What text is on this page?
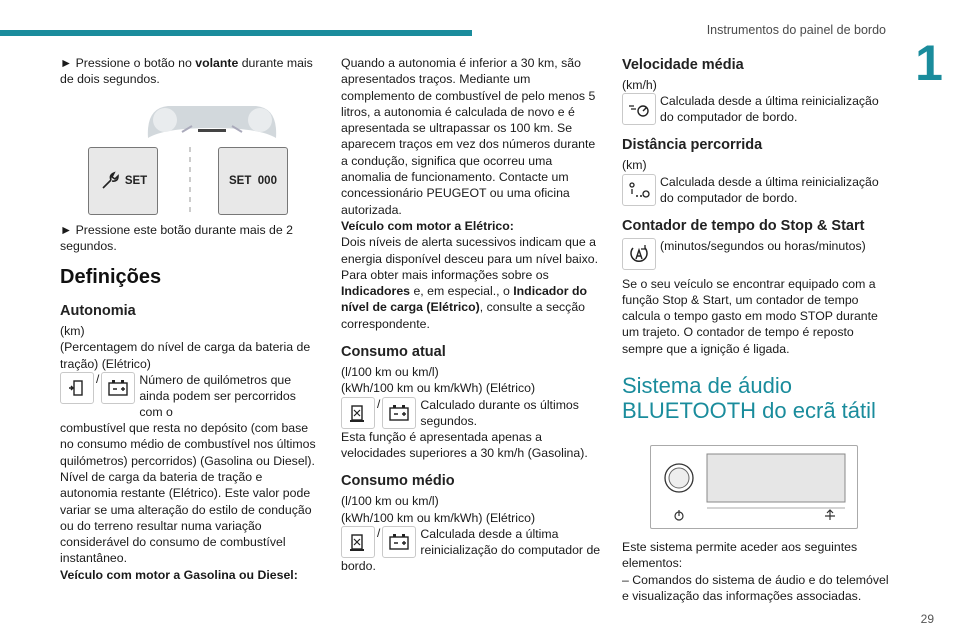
Instrumentos do painel de bordo
1
29

► Pressione o botão no volante durante mais de dois segundos.

SET	SET  000

► Pressione este botão durante mais de 2 segundos.

Definições
Autonomia

(km)

(Percentagem do nível de carga da bateria de tração) (Elétrico)

/	Número de quilómetros que ainda podem ser percorridos com o

combustível que resta no depósito (com base no consumo médio de combustível nos últimos quilómetros) percorridos) (Gasolina ou Diesel). Nível de carga da bateria de tração e autonomia restante (Elétrico). Este valor pode variar se uma alteração do estilo de condução ou do terreno resultar numa variação considerável do consumo de combustível instantâneo.

Veículo com motor a Gasolina ou Diesel:

Quando a autonomia é inferior a 30 km, são apresentados traços. Mediante um complemento de combustível de pelo menos 5 litros, a autonomia é calculada de novo e é apresentada se ultrapassar os 100 km. Se aparecem traços em vez dos números durante a condução, significa que ocorreu uma anomalia de funcionamento. Contacte um concessionário PEUGEOT ou uma oficina autorizada.

Veículo com motor a Elétrico:

Dois níveis de alerta sucessivos indicam que a energia disponível desceu para um nível baixo. Para obter mais informações sobre os Indicadores e, em especial., o Indicador do nível de carga (Elétrico), consulte a secção correspondente.

Consumo atual

(l/100 km ou km/l)

(kWh/100 km ou km/kWh) (Elétrico)

/	Calculado durante os últimos segundos.

Esta função é apresentada apenas a velocidades superiores a 30 km/h (Gasolina).

Consumo médio

(l/100 km ou km/l)

(kWh/100 km ou km/kWh) (Elétrico)

/	Calculada desde a última reinicialização do computador de

bordo.

Velocidade média

(km/h)

Calculada desde a última reinicialização do computador de bordo.
Distância percorrida

(km)

Calculada desde a última reinicialização do computador de bordo.
Contador de tempo do Stop & Start
(minutos/segundos ou horas/minutos)

Se o seu veículo se encontrar equipado com a função Stop & Start, um contador de tempo calcula o tempo gasto em modo STOP durante um trajeto. O contador de tempo é reposto sempre que a ignição é ligada.

Sistema de áudio BLUETOOTH do ecrã tátil

Este sistema permite aceder aos seguintes elementos:

– Comandos do sistema de áudio e do telemóvel e visualização das informações associadas.
